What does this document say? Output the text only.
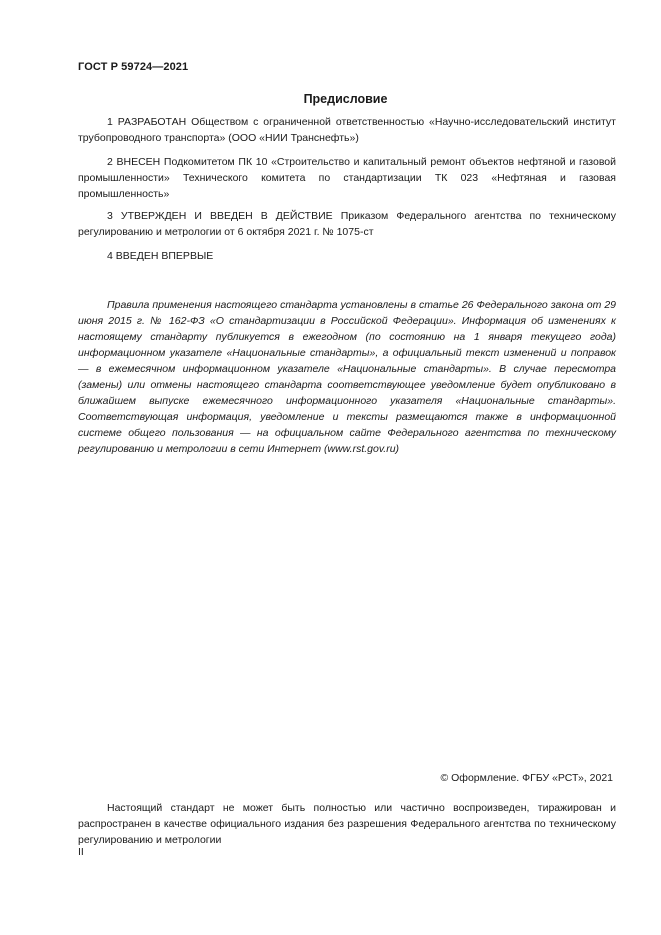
ГОСТ Р 59724—2021
Предисловие

1 РАЗРАБОТАН Обществом с ограниченной ответственностью «Научно-исследовательский институт трубопроводного транспорта» (ООО «НИИ Транснефть»)

2 ВНЕСЕН Подкомитетом ПК 10 «Строительство и капитальный ремонт объектов нефтяной и газовой промышленности» Технического комитета по стандартизации ТК 023 «Нефтяная и газовая промышленность»

3 УТВЕРЖДЕН И ВВЕДЕН В ДЕЙСТВИЕ Приказом Федерального агентства по техническому регулированию и метрологии от 6 октября 2021 г. № 1075-ст

4 ВВЕДЕН ВПЕРВЫЕ

Правила применения настоящего стандарта установлены в статье 26 Федерального закона от 29 июня 2015 г. № 162-ФЗ «О стандартизации в Российской Федерации». Информация об изменениях к настоящему стандарту публикуется в ежегодном (по состоянию на 1 января текущего года) информационном указателе «Национальные стандарты», а официальный текст изменений и поправок — в ежемесячном информационном указателе «Национальные стандарты». В случае пересмотра (замены) или отмены настоящего стандарта соответствующее уведомление будет опубликовано в ближайшем выпуске ежемесячного информационного указателя «Национальные стандарты». Соответствующая информация, уведомление и тексты размещаются также в информационной системе общего пользования — на официальном сайте Федерального агентства по техническому регулированию и метрологии в сети Интернет (www.rst.gov.ru)

© Оформление. ФГБУ «РСТ», 2021

Настоящий стандарт не может быть полностью или частично воспроизведен, тиражирован и распространен в качестве официального издания без разрешения Федерального агентства по техническому регулированию и метрологии

II
